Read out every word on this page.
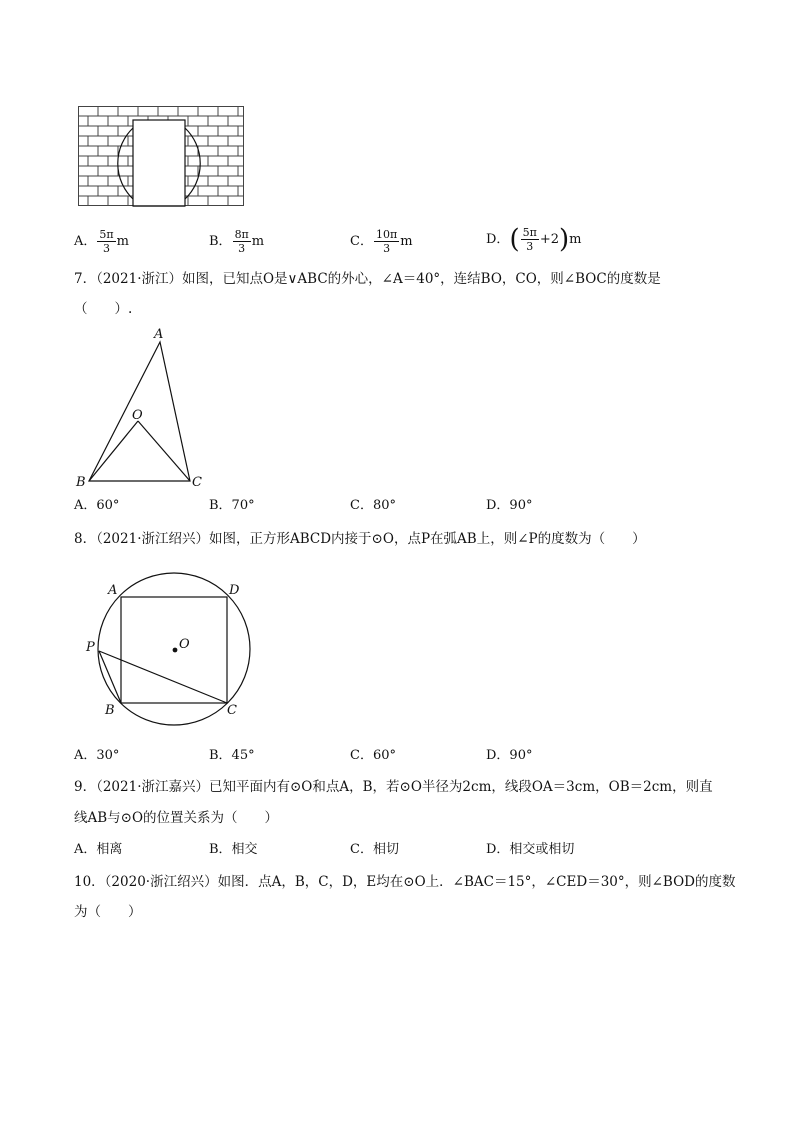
A． $\frac{5\pi}{3}$ m	B． $\frac{8\pi}{3}$ m	C． $\frac{10\pi}{3}$ m	D．( $\frac{5\pi}{3} +2)m$
7．（2021·浙江）如图，已知点O是∨ABC的外心，∠A＝40°，连结BO，CO，则∠BOC的度数是
（　　）.
A
B	C
O
A．60°	B．70°	C．80°	D．90°
8．（2021·浙江绍兴）如图，正方形ABCD内接于⊙O，点P在弧AB上，则∠P的度数为（　　）
A	D
P
B	C
O
A．30°	B．45°	C．60°	D．90°
9．（2021·浙江嘉兴）已知平面内有⊙O和点A，B，若⊙O半径为2cm，线段OA＝3cm，OB＝2cm，则直
线AB与⊙O的位置关系为（　　）
A．相离	B．相交	C．相切	D．相交或相切
10．（2020·浙江绍兴）如图．点A，B，C，D，E均在⊙O上．∠BAC＝15°，∠CED＝30°，则∠BOD的度数
为（　　）
